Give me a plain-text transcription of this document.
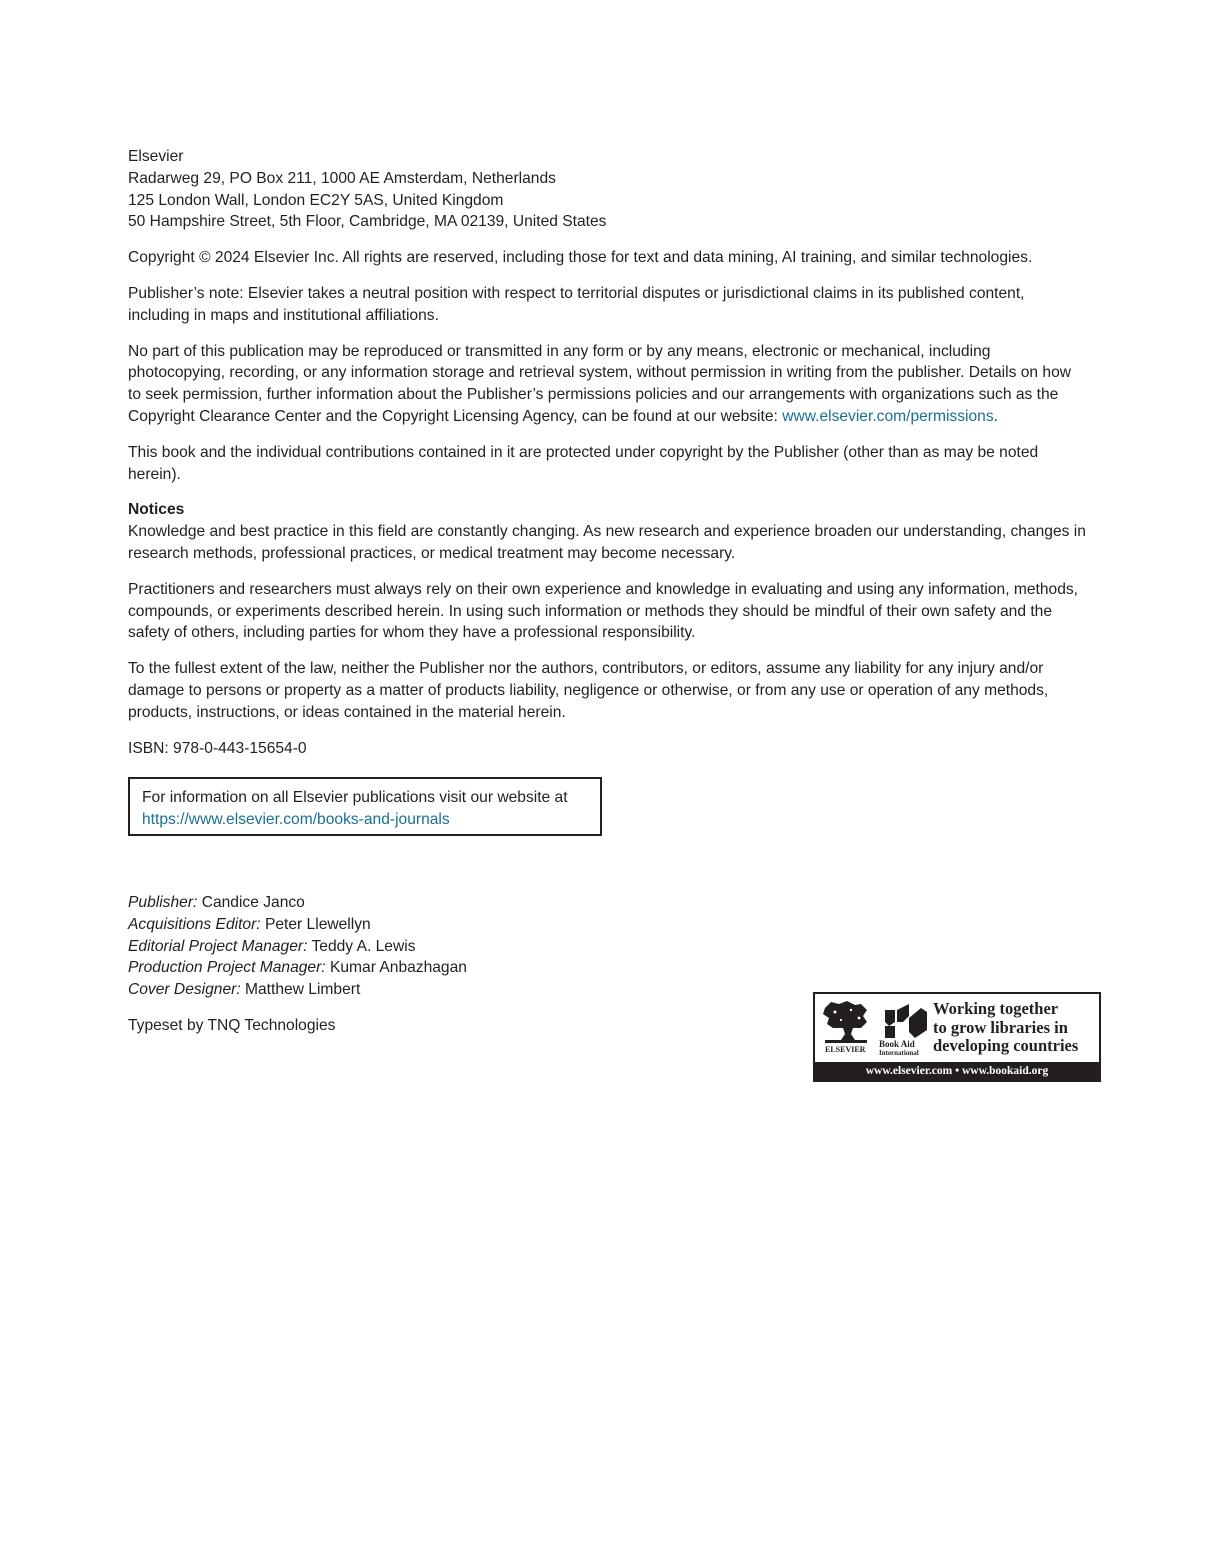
Elsevier

Radarweg 29, PO Box 211, 1000 AE Amsterdam, Netherlands

125 London Wall, London EC2Y 5AS, United Kingdom

50 Hampshire Street, 5th Floor, Cambridge, MA 02139, United States

Copyright © 2024 Elsevier Inc. All rights are reserved, including those for text and data mining, AI training, and similar technologies.

Publisher’s note: Elsevier takes a neutral position with respect to territorial disputes or jurisdictional claims in its published content, including in maps and institutional affiliations.

No part of this publication may be reproduced or transmitted in any form or by any means, electronic or mechanical, including photocopying, recording, or any information storage and retrieval system, without permission in writing from the publisher. Details on how to seek permission, further information about the Publisher’s permissions policies and our arrangements with organizations such as the Copyright Clearance Center and the Copyright Licensing Agency, can be found at our website: www.elsevier.com/permissions.

This book and the individual contributions contained in it are protected under copyright by the Publisher (other than as may be noted herein).

Notices

Knowledge and best practice in this field are constantly changing. As new research and experience broaden our understanding, changes in research methods, professional practices, or medical treatment may become necessary.

Practitioners and researchers must always rely on their own experience and knowledge in evaluating and using any information, methods, compounds, or experiments described herein. In using such information or methods they should be mindful of their own safety and the safety of others, including parties for whom they have a professional responsibility.

To the fullest extent of the law, neither the Publisher nor the authors, contributors, or editors, assume any liability for any injury and/or damage to persons or property as a matter of products liability, negligence or otherwise, or from any use or operation of any methods, products, instructions, or ideas contained in the material herein.

ISBN: 978-0-443-15654-0

For information on all Elsevier publications visit our website at https://www.elsevier.com/books-and-journals

Publisher: Candice Janco

Acquisitions Editor: Peter Llewellyn

Editorial Project Manager: Teddy A. Lewis

Production Project Manager: Kumar Anbazhagan

Cover Designer: Matthew Limbert

Typeset by TNQ Technologies

ELSEVIER
Book Aid
International
Working together
to grow libraries in
developing countries
www.elsevier.com • www.bookaid.org
